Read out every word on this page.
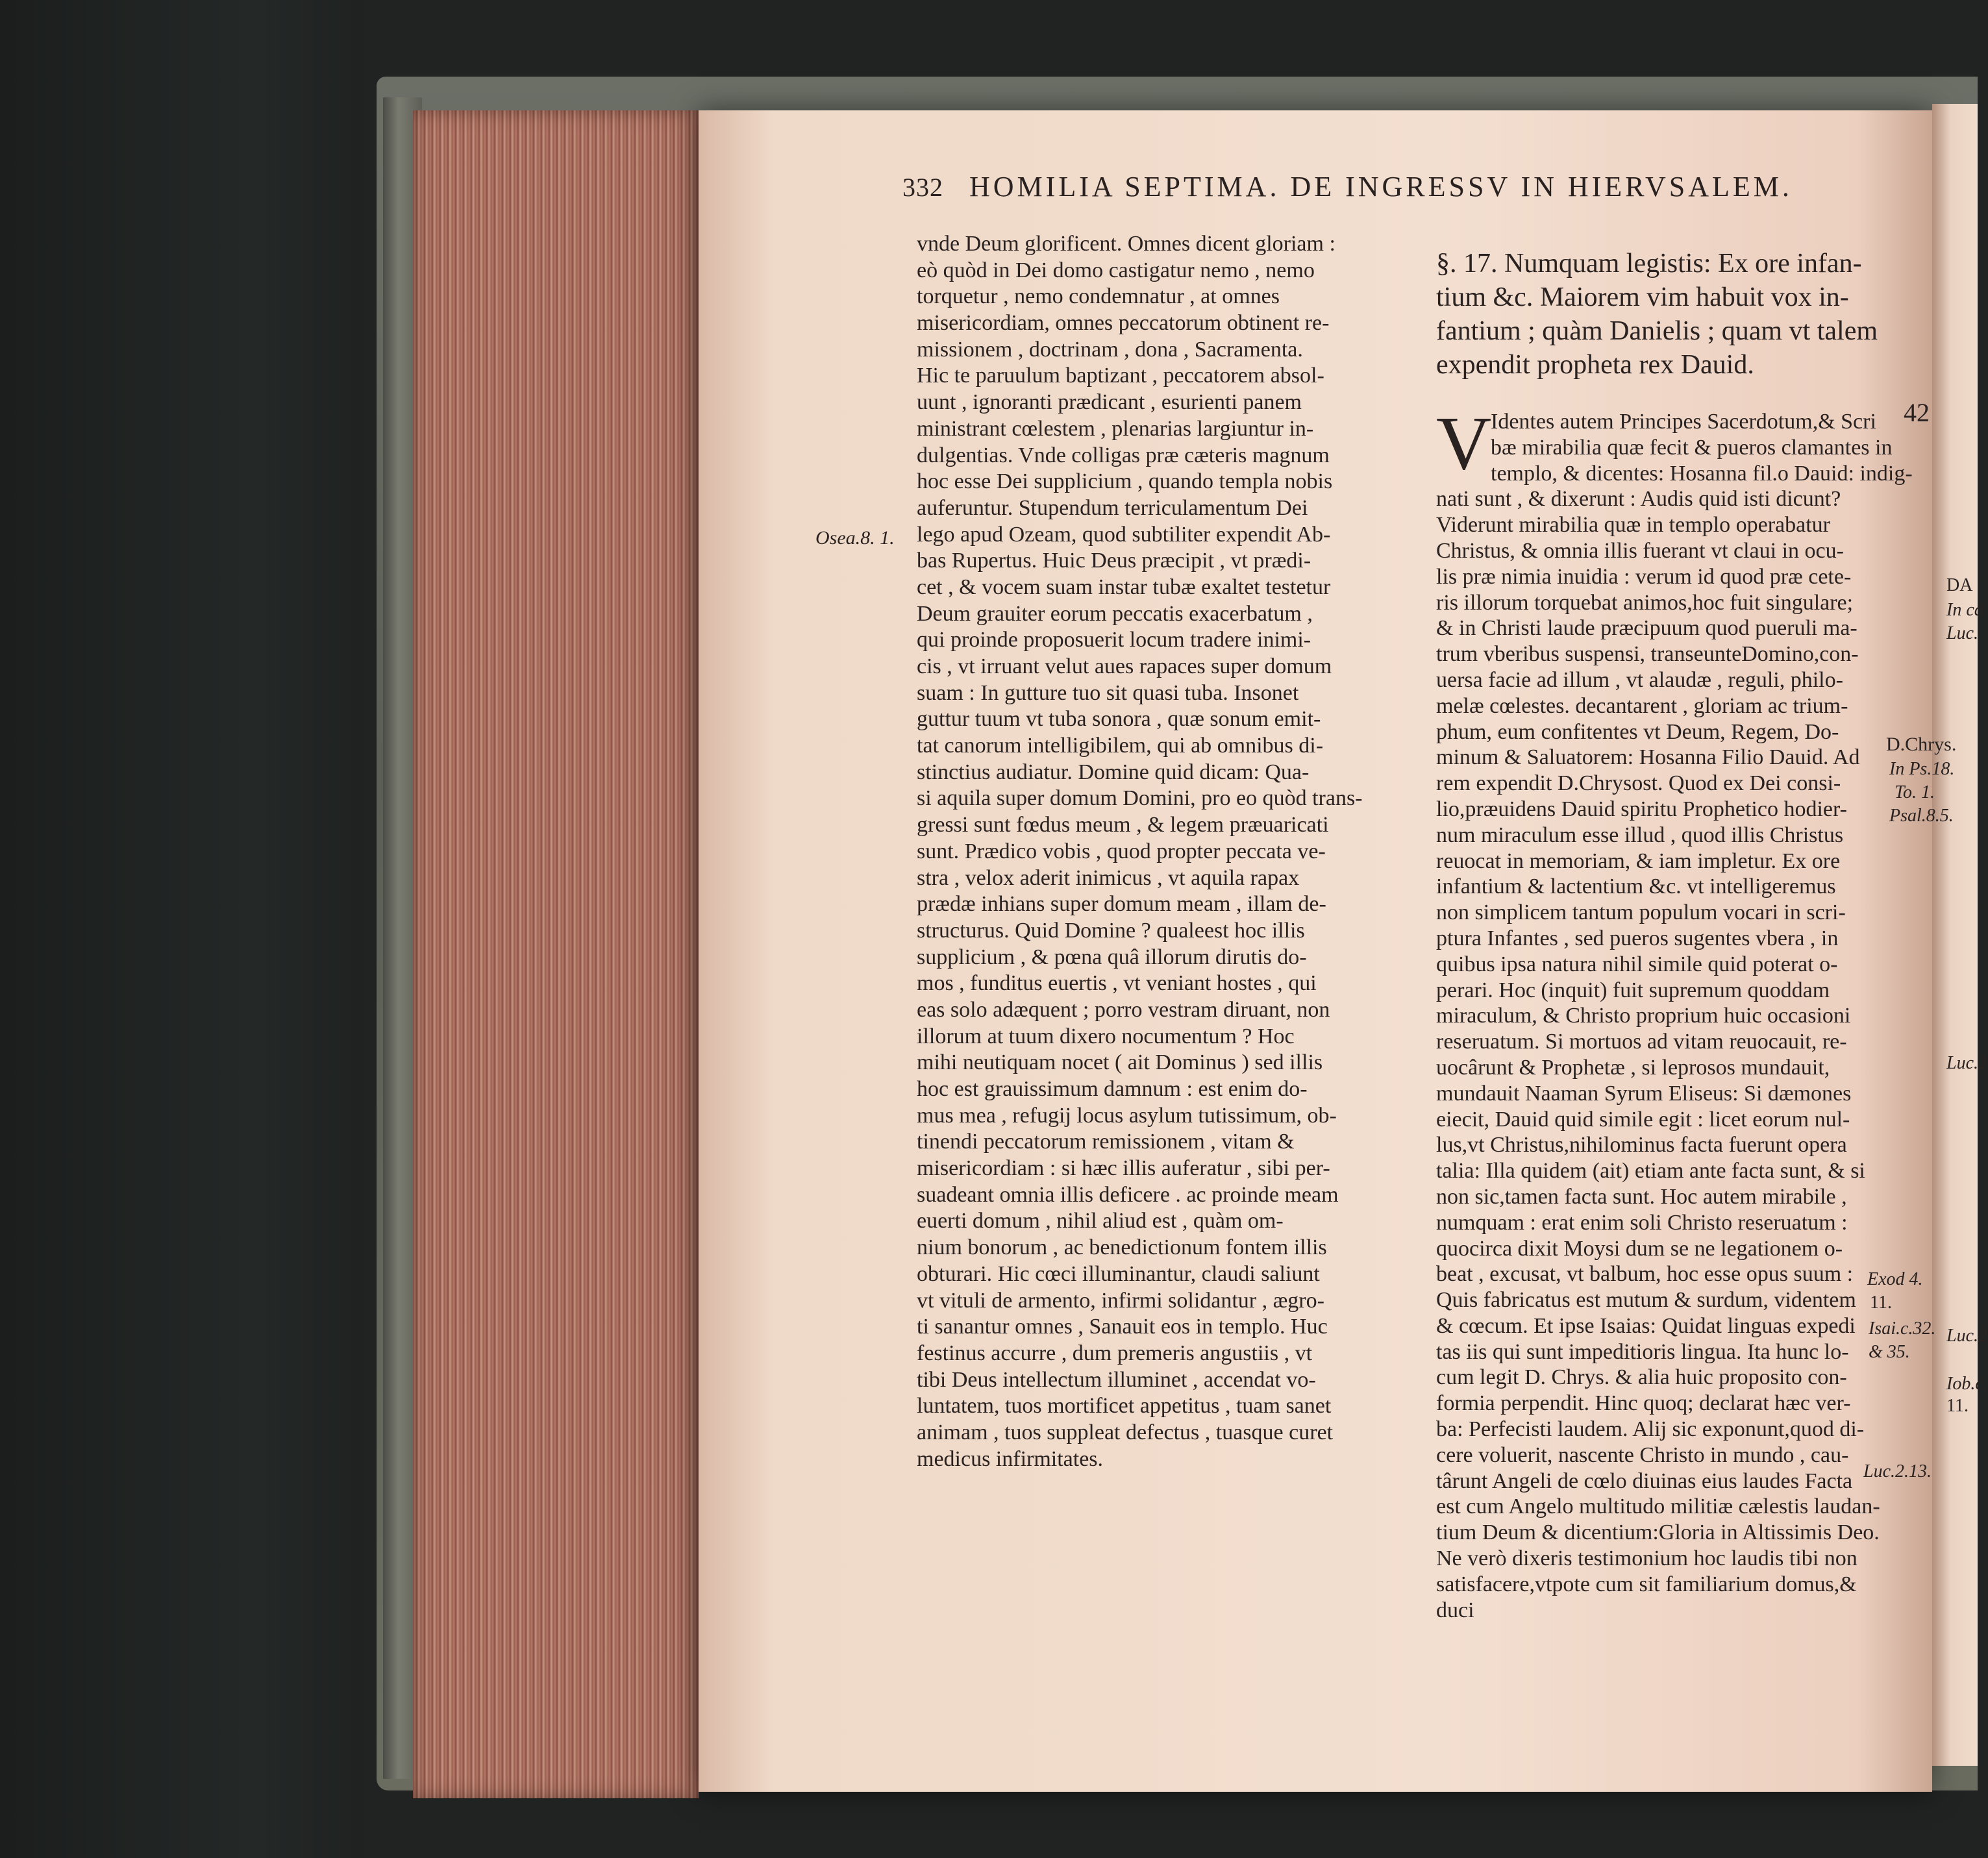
332 HOMILIA SEPTIMA. DE INGRESSV IN HIERVSALEM.
vnde Deum glorificent. Omnes dicent gloriam :
eò quòd in Dei domo castigatur nemo , nemo
torquetur , nemo condemnatur , at omnes
misericordiam, omnes peccatorum obtinent re-
missionem , doctrinam , dona , Sacramenta.
Hic te paruulum baptizant , peccatorem absol-
uunt , ignoranti prædicant , esurienti panem
ministrant cœlestem , plenarias largiuntur in-
dulgentias. Vnde colligas præ cæteris magnum
hoc esse Dei supplicium , quando templa nobis
auferuntur. Stupendum terriculamentum Dei
lego apud Ozeam, quod subtiliter expendit Ab-
bas Rupertus. Huic Deus præcipit , vt prædi-
cet , & vocem suam instar tubæ exaltet testetur
Deum grauiter eorum peccatis exacerbatum ,
qui proinde proposuerit locum tradere inimi-
cis , vt irruant velut aues rapaces super domum
suam : In gutture tuo sit quasi tuba. Insonet
guttur tuum vt tuba sonora , quæ sonum emit-
tat canorum intelligibilem, qui ab omnibus di-
stinctius audiatur. Domine quid dicam: Qua-
si aquila super domum Domini, pro eo quòd trans-
gressi sunt fœdus meum , & legem præuaricati
sunt. Prædico vobis , quod propter peccata ve-
stra , velox aderit inimicus , vt aquila rapax
prædæ inhians super domum meam , illam de-
structurus. Quid Domine ? qualeest hoc illis
supplicium , & pœna quâ illorum dirutis do-
mos , funditus euertis , vt veniant hostes , qui
eas solo adæquent ; porro vestram diruant, non
illorum at tuum dixero nocumentum ? Hoc
mihi neutiquam nocet ( ait Dominus ) sed illis
hoc est grauissimum damnum : est enim do-
mus mea , refugij locus asylum tutissimum, ob-
tinendi peccatorum remissionem , vitam &
misericordiam : si hæc illis auferatur , sibi per-
suadeant omnia illis deficere . ac proinde meam
euerti domum , nihil aliud est , quàm om-
nium bonorum , ac benedictionum fontem illis
obturari. Hic cœci illuminantur, claudi saliunt
vt vituli de armento, infirmi solidantur , ægro-
ti sanantur omnes , Sanauit eos in templo. Huc
festinus accurre , dum premeris angustiis , vt
tibi Deus intellectum illuminet , accendat vo-
luntatem, tuos mortificet appetitus , tuam sanet
animam , tuos suppleat defectus , tuasque curet
medicus infirmitates.
Osea.8. 1.
§. 17. Numquam legistis: Ex ore infan-
tium &c. Maiorem vim habuit vox in-
fantium ; quàm Danielis ; quam vt talem
expendit propheta rex Dauid.
V
Identes autem Principes Sacerdotum,& Scri
bæ mirabilia quæ fecit & pueros clamantes in
templo, & dicentes: Hosanna fil.o Dauid: indig-
nati sunt , & dixerunt : Audis quid isti dicunt?
Viderunt mirabilia quæ in templo operabatur
Christus, & omnia illis fuerant vt claui in ocu-
lis præ nimia inuidia : verum id quod præ cete-
ris illorum torquebat animos,hoc fuit singulare;
& in Christi laude præcipuum quod pueruli ma-
trum vberibus suspensi, transeunteDomino,con-
uersa facie ad illum , vt alaudæ , reguli, philo-
melæ cœlestes. decantarent , gloriam ac trium-
phum, eum confitentes vt Deum, Regem, Do-
minum & Saluatorem: Hosanna Filio Dauid. Ad
rem expendit D.Chrysost. Quod ex Dei consi-
lio,præuidens Dauid spiritu Prophetico hodier-
num miraculum esse illud , quod illis Christus
reuocat in memoriam, & iam impletur. Ex ore
infantium & lactentium &c. vt intelligeremus
non simplicem tantum populum vocari in scri-
ptura Infantes , sed pueros sugentes vbera , in
quibus ipsa natura nihil simile quid poterat o-
perari. Hoc (inquit) fuit supremum quoddam
miraculum, & Christo proprium huic occasioni
reseruatum. Si mortuos ad vitam reuocauit, re-
uocârunt & Prophetæ , si leprosos mundauit,
mundauit Naaman Syrum Eliseus: Si dæmones
eiecit, Dauid quid simile egit : licet eorum nul-
lus,vt Christus,nihilominus facta fuerunt opera
talia: Illa quidem (ait) etiam ante facta sunt, & si
non sic,tamen facta sunt. Hoc autem mirabile ,
numquam : erat enim soli Christo reseruatum :
quocirca dixit Moysi dum se ne legationem o-
beat , excusat, vt balbum, hoc esse opus suum :
Quis fabricatus est mutum & surdum, videntem
& cœcum. Et ipse Isaias: Quidat linguas expedi
tas iis qui sunt impeditioris lingua. Ita hunc lo-
cum legit D. Chrys. & alia huic proposito con-
formia perpendit. Hinc quoq; declarat hæc ver-
ba: Perfecisti laudem. Alij sic exponunt,quod di-
cere voluerit, nascente Christo in mundo , cau-
târunt Angeli de cœlo diuinas eius laudes Facta
est cum Angelo multitudo militiæ cælestis laudan-
tium Deum & dicentium:Gloria in Altissimis Deo.
Ne verò dixeris testimonium hoc laudis tibi non
satisfacere,vtpote cum sit familiarium domus,&
duci
42
D.Chrys.
In Ps.18.
To. 1.
Psal.8.5.
Exod 4.
11.
Isai.c.32.
& 35.
Luc.2.13.
DA
In ca
Luc.
Luc.2
Luc.2
Iob.c.
11.
